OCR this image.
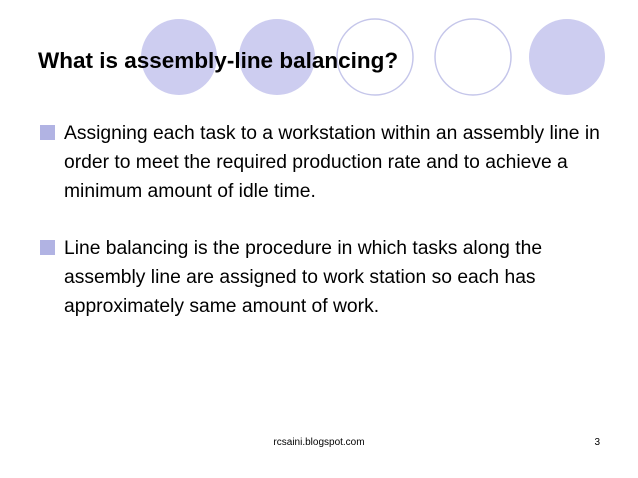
What is assembly-line balancing?
Assigning each task to a workstation within an assembly line in order to meet the required production rate and to achieve a minimum amount of idle time.
Line balancing is the procedure in which tasks along the assembly line are assigned to work station so each has approximately same amount of work.
rcsaini.blogspot.com	3
